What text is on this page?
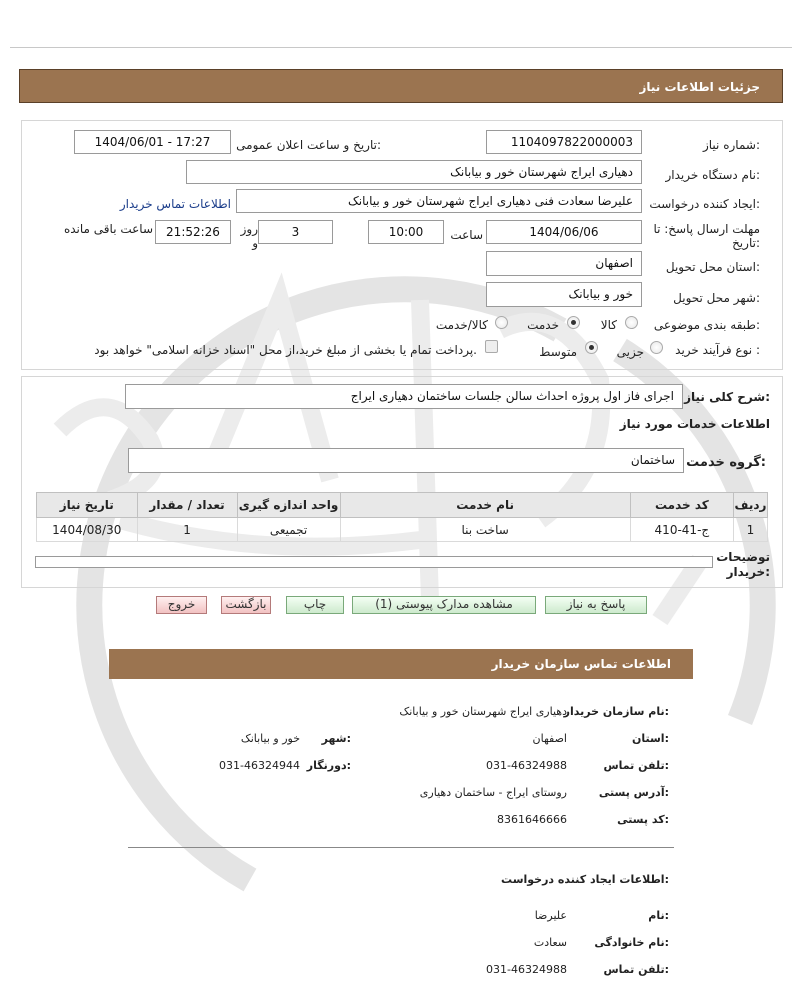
جزئیات اطلاعات نیاز
شماره نیاز:
1104097822000003
تاریخ و ساعت اعلان عمومی:
1404/06/01 - 17:27
نام دستگاه خریدار:
دهیاری ایراج شهرستان خور و بیابانک
ایجاد کننده درخواست:
علیرضا سعادت فنی دهیاری ایراج شهرستان خور و بیابانک
اطلاعات تماس خریدار
مهلت ارسال پاسخ: تا
تاریخ:
1404/06/06
ساعت
10:00
3
روز
و
21:52:26
ساعت باقی مانده
استان محل تحویل:
اصفهان
شهر محل تحویل:
خور و بیابانک
طبقه بندی موضوعی:
کالا
خدمت
کالا/خدمت
نوع فرآیند خرید :
جزیی
متوسط
پرداخت تمام یا بخشی از مبلغ خرید،از محل "اسناد خزانه اسلامی" خواهد بود.
شرح کلی نیاز:
اجرای فاز اول پروژه احداث سالن جلسات ساختمان دهیاری ایراج
اطلاعات خدمات مورد نیاز
گروه خدمت:
ساختمان
تاریخ نیاز	تعداد / مقدار	واحد اندازه گیری	نام خدمت	کد خدمت	ردیف
1404/08/30	1	تجمیعی	ساخت بنا	ج-41-410	1
توضیحات
خریدار:
پاسخ به نیاز
مشاهده مدارک پیوستی (1)
چاپ
بازگشت
خروج
اطلاعات تماس سازمان خریدار
نام سازمان خریدار:
دهیاری ایراج شهرستان خور و بیابانک
استان:
اصفهان
شهر:
خور و بیابانک
تلفن تماس:
031-46324988
دورنگار:
031-46324944
آدرس پستی:
روستای ایراج - ساختمان دهیاری
کد پستی:
8361646666
اطلاعات ایجاد کننده درخواست:
نام:
علیرضا
نام خانوادگی:
سعادت
تلفن تماس:
031-46324988
